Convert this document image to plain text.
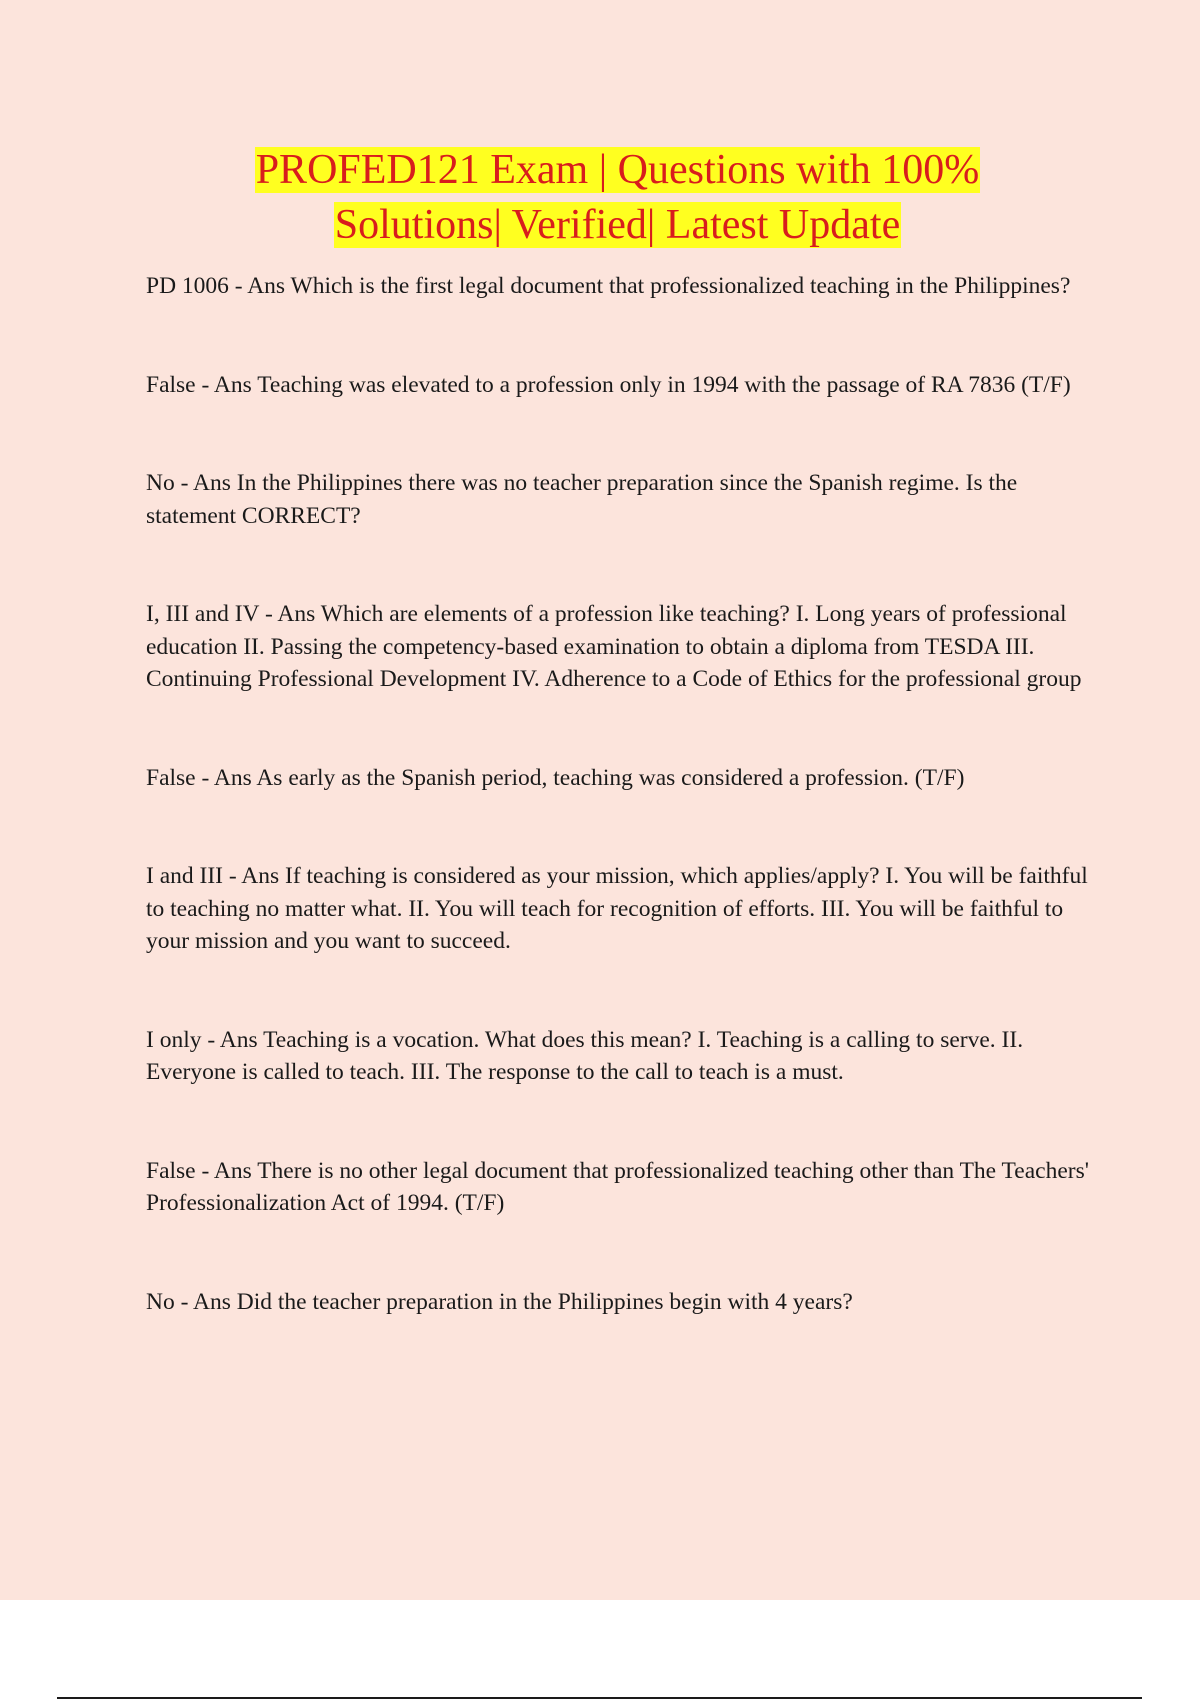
PROFED121 Exam | Questions with 100%
Solutions| Verified| Latest Update

PD 1006 - Ans Which is the first legal document that professionalized teaching in the Philippines?

False - Ans Teaching was elevated to a profession only in 1994 with the passage of RA 7836 (T/F)

No - Ans In the Philippines there was no teacher preparation since the Spanish regime. Is the statement CORRECT?

I, III and IV - Ans Which are elements of a profession like teaching? I. Long years of professional education II. Passing the competency-based examination to obtain a diploma from TESDA III. Continuing Professional Development IV. Adherence to a Code of Ethics for the professional group

False - Ans As early as the Spanish period, teaching was considered a profession. (T/F)

I and III - Ans If teaching is considered as your mission, which applies/apply? I. You will be faithful to teaching no matter what. II. You will teach for recognition of efforts. III. You will be faithful to your mission and you want to succeed.

I only - Ans Teaching is a vocation. What does this mean? I. Teaching is a calling to serve. II. Everyone is called to teach. III. The response to the call to teach is a must.

False - Ans There is no other legal document that professionalized teaching other than The Teachers' Professionalization Act of 1994. (T/F)

No - Ans Did the teacher preparation in the Philippines begin with 4 years?
